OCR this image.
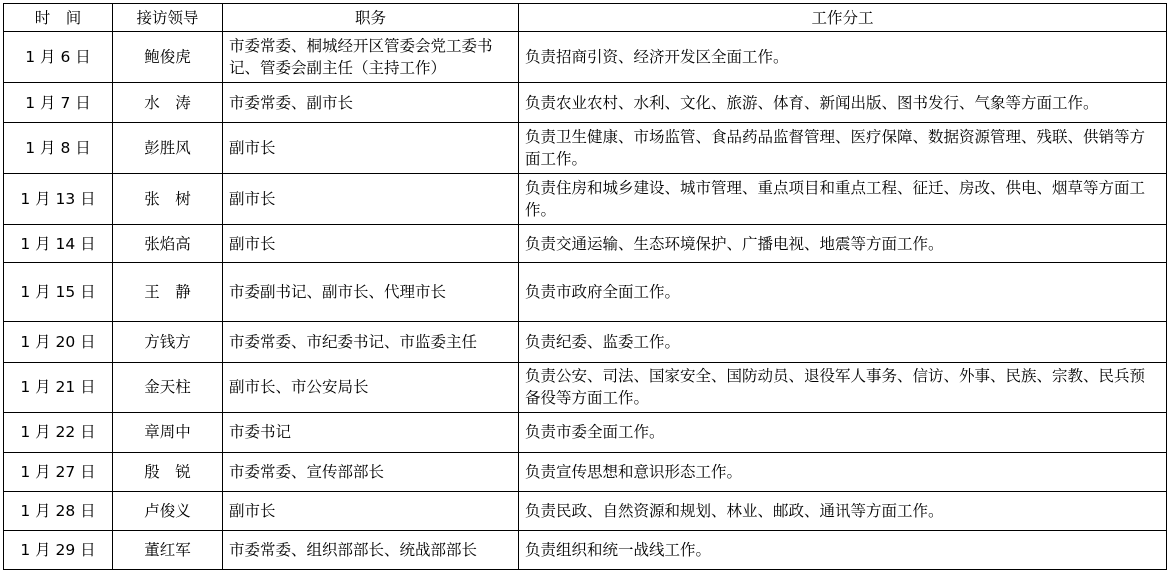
时　间	接访领导	职务	工作分工
1 月 6 日	鲍俊虎	市委常委、桐城经开区管委会党工委书记、管委会副主任（主持工作）	负责招商引资、经济开发区全面工作。
1 月 7 日	水　涛	市委常委、副市长	负责农业农村、水利、文化、旅游、体育、新闻出版、图书发行、气象等方面工作。
1 月 8 日	彭胜风	副市长	负责卫生健康、市场监管、食品药品监督管理、医疗保障、数据资源管理、残联、供销等方面工作。
1 月 13 日	张　树	副市长	负责住房和城乡建设、城市管理、重点项目和重点工程、征迁、房改、供电、烟草等方面工作。
1 月 14 日	张焰高	副市长	负责交通运输、生态环境保护、广播电视、地震等方面工作。
1 月 15 日	王　静	市委副书记、副市长、代理市长	负责市政府全面工作。
1 月 20 日	方钱方	市委常委、市纪委书记、市监委主任	负责纪委、监委工作。
1 月 21 日	金天柱	副市长、市公安局长	负责公安、司法、国家安全、国防动员、退役军人事务、信访、外事、民族、宗教、民兵预备役等方面工作。
1 月 22 日	章周中	市委书记	负责市委全面工作。
1 月 27 日	殷　锐	市委常委、宣传部部长	负责宣传思想和意识形态工作。
1 月 28 日	卢俊义	副市长	负责民政、自然资源和规划、林业、邮政、通讯等方面工作。
1 月 29 日	董红军	市委常委、组织部部长、统战部部长	负责组织和统一战线工作。
